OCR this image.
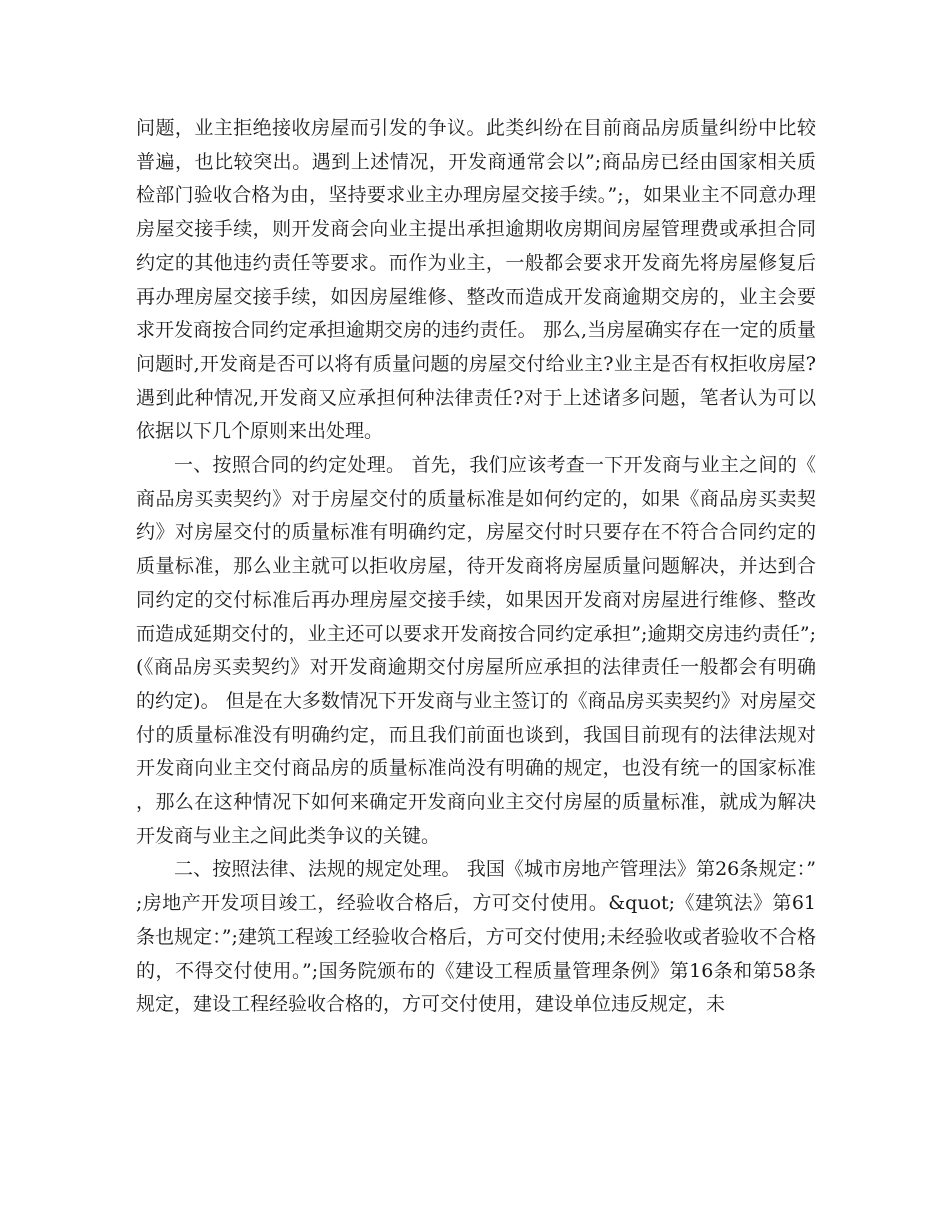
问题，业主拒绝接收房屋而引发的争议。此类纠纷在目前商品房质量纠纷中比较普遍，也比较突出。遇到上述情况，开发商通常会以”;商品房已经由国家相关质检部门验收合格为由，坚持要求业主办理房屋交接手续。”;，如果业主不同意办理房屋交接手续，则开发商会向业主提出承担逾期收房期间房屋管理费或承担合同约定的其他违约责任等要求。而作为业主，一般都会要求开发商先将房屋修复后再办理房屋交接手续，如因房屋维修、整改而造成开发商逾期交房的，业主会要求开发商按合同约定承担逾期交房的违约责任。 那么,当房屋确实存在一定的质量问题时,开发商是否可以将有质量问题的房屋交付给业主?业主是否有权拒收房屋?遇到此种情况,开发商又应承担何种法律责任?对于上述诸多问题，笔者认为可以依据以下几个原则来出处理。

一、按照合同的约定处理。 首先，我们应该考查一下开发商与业主之间的《商品房买卖契约》对于房屋交付的质量标准是如何约定的，如果《商品房买卖契约》对房屋交付的质量标准有明确约定，房屋交付时只要存在不符合合同约定的质量标准，那么业主就可以拒收房屋，待开发商将房屋质量问题解决，并达到合同约定的交付标准后再办理房屋交接手续，如果因开发商对房屋进行维修、整改而造成延期交付的，业主还可以要求开发商按合同约定承担”;逾期交房违约责任”;(《商品房买卖契约》对开发商逾期交付房屋所应承担的法律责任一般都会有明确的约定)。 但是在大多数情况下开发商与业主签订的《商品房买卖契约》对房屋交付的质量标准没有明确约定，而且我们前面也谈到，我国目前现有的法律法规对开发商向业主交付商品房的质量标准尚没有明确的规定，也没有统一的国家标准，那么在这种情况下如何来确定开发商向业主交付房屋的质量标准，就成为解决开发商与业主之间此类争议的关键。

二、按照法律、法规的规定处理。 我国《城市房地产管理法》第26条规定：”;房地产开发项目竣工，经验收合格后，方可交付使用。&quot;《建筑法》第61条也规定：”;建筑工程竣工经验收合格后，方可交付使用;未经验收或者验收不合格的，不得交付使用。”;国务院颁布的《建设工程质量管理条例》第16条和第58条规定，建设工程经验收合格的，方可交付使用，建设单位违反规定，未
